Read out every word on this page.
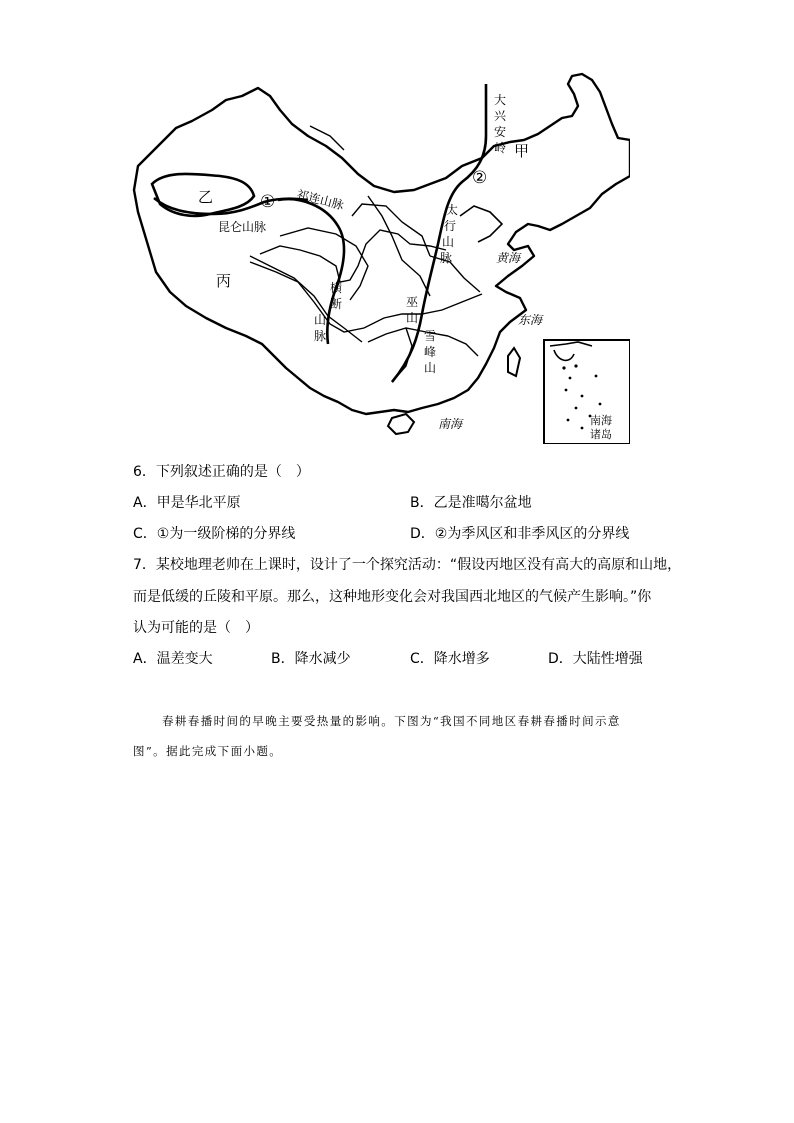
南海
诸岛
甲
乙
丙
①
②
昆仑山脉
祁连山脉
大
兴
安
岭
太
行
山
脉
横
断
山
脉
巫
山
雪
峰
山
黄海
东海
南海
6．下列叙述正确的是（　）
A．甲是华北平原	B．乙是准噶尔盆地
C．①为一级阶梯的分界线	D．②为季风区和非季风区的分界线
7．某校地理老帅在上课时，设计了一个探究活动：“假设丙地区没有高大的高原和山地，
而是低缓的丘陵和平原。那么，这种地形变化会对我国西北地区的气候产生影响。”你
认为可能的是（　）
A．温差变大	B．降水减少	C．降水增多	D．大陆性增强
春耕春播时间的早晚主要受热量的影响。下图为“我国不同地区春耕春播时间示意
图”。据此完成下面小题。
